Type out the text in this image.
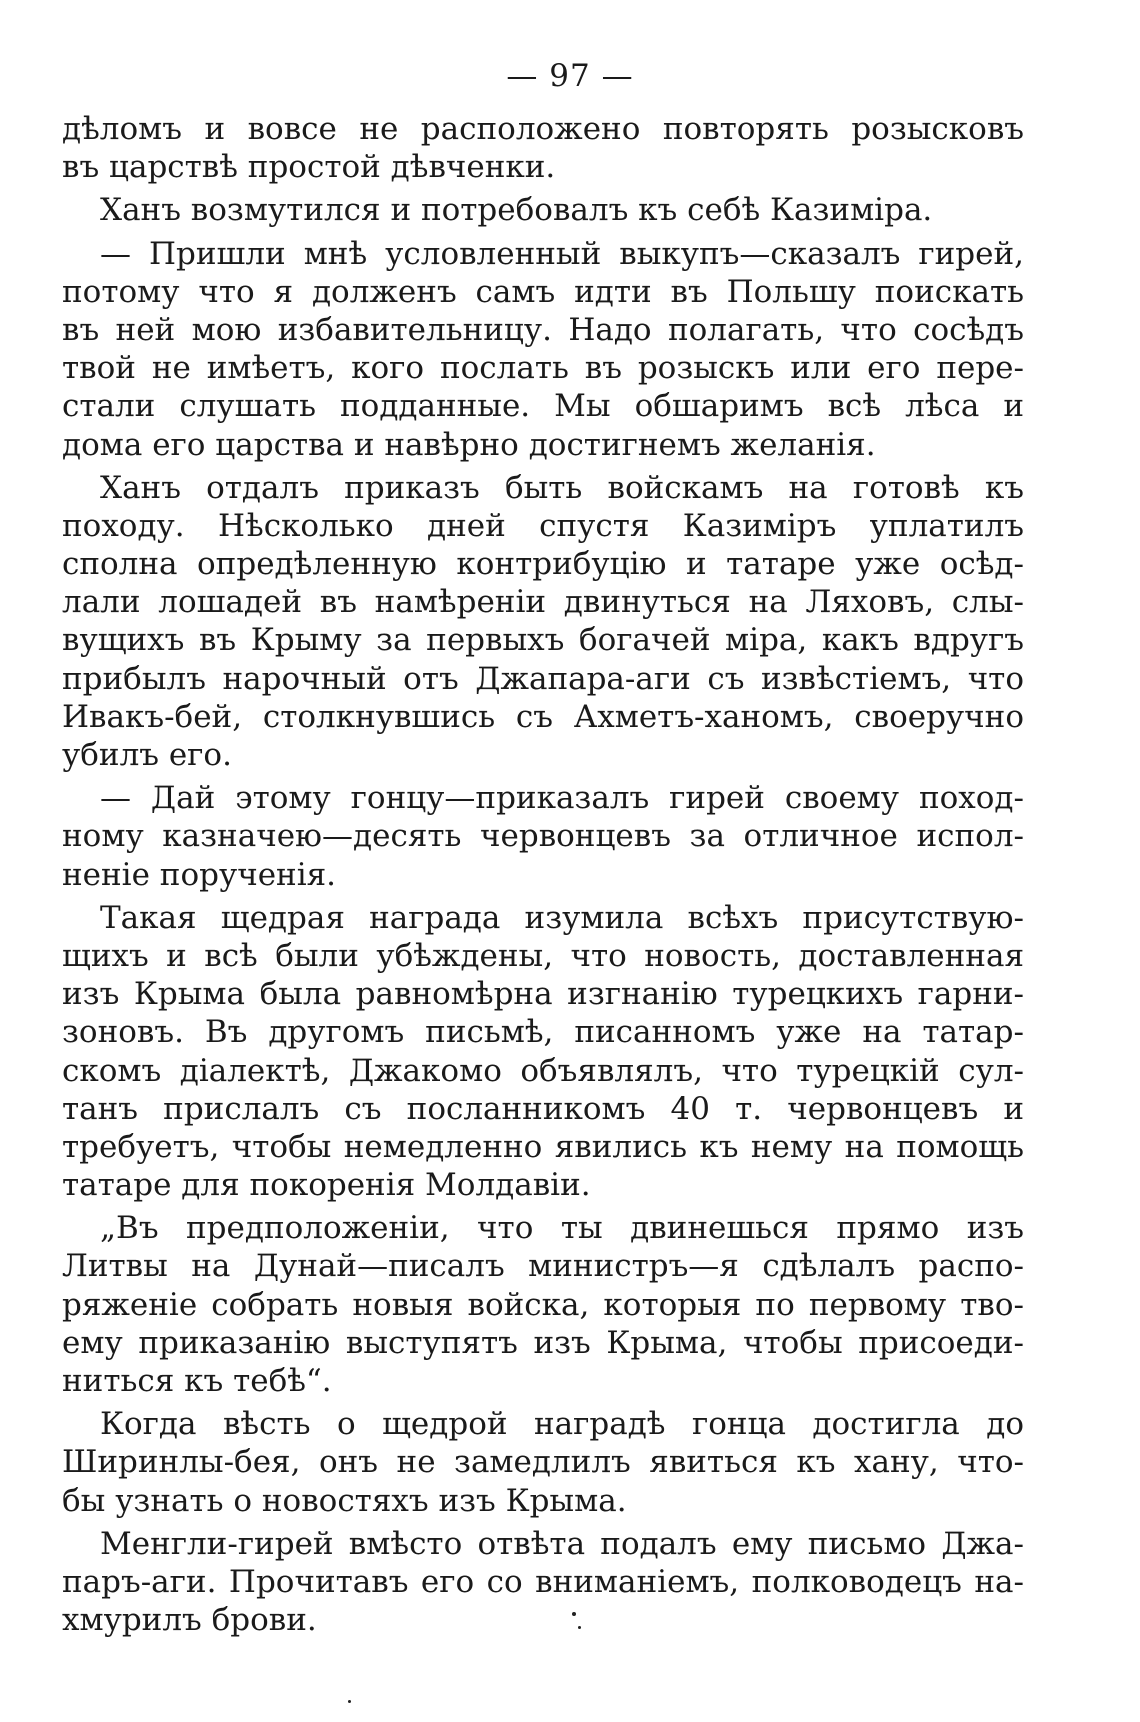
— 97 —
дѣломъ и вовсе не расположено повторять розысковъ
въ царствѣ простой дѣвченки.
Ханъ возмутился и потребовалъ къ себѣ Казиміра.
— Пришли мнѣ условленный выкупъ—сказалъ гирей,
потому что я долженъ самъ идти въ Польшу поискать
въ ней мою избавительницу. Надо полагать, что сосѣдъ
твой не имѣетъ, кого послать въ розыскъ или его пере-
стали слушать подданные. Мы обшаримъ всѣ лѣса и
дома его царства и навѣрно достигнемъ желанія.
Ханъ отдалъ приказъ быть войскамъ на готовѣ къ
походу. Нѣсколько дней спустя Казиміръ уплатилъ
сполна опредѣленную контрибуцію и татаре уже осѣд-
лали лошадей въ намѣреніи двинуться на Ляховъ, слы-
вущихъ въ Крыму за первыхъ богачей міра, какъ вдругъ
прибылъ нарочный отъ Джапара-аги съ извѣстіемъ, что
Ивакъ-бей, столкнувшись съ Ахметъ-ханомъ, своеручно
убилъ его.
— Дай этому гонцу—приказалъ гирей своему поход-
ному казначею—десять червонцевъ за отличное испол-
неніе порученія.
Такая щедрая награда изумила всѣхъ присутствую-
щихъ и всѣ были убѣждены, что новость, доставленная
изъ Крыма была равномѣрна изгнанію турецкихъ гарни-
зоновъ. Въ другомъ письмѣ, писанномъ уже на татар-
скомъ діалектѣ, Джакомо объявлялъ, что турецкій сул-
танъ прислалъ съ посланникомъ 40 т. червонцевъ и
требуетъ, чтобы немедленно явились къ нему на помощь
татаре для покоренія Молдавіи.
„Въ предположеніи, что ты двинешься прямо изъ
Литвы на Дунай—писалъ министръ—я сдѣлалъ распо-
ряженіе собрать новыя войска, которыя по первому тво-
ему приказанію выступятъ изъ Крыма, чтобы присоеди-
ниться къ тебѣ“.
Когда вѣсть о щедрой наградѣ гонца достигла до
Ширинлы-бея, онъ не замедлилъ явиться къ хану, что-
бы узнать о новостяхъ изъ Крыма.
Менгли-гирей вмѣсто отвѣта подалъ ему письмо Джа-
паръ-аги. Прочитавъ его со вниманіемъ, полководецъ на-
хмурилъ брови.
